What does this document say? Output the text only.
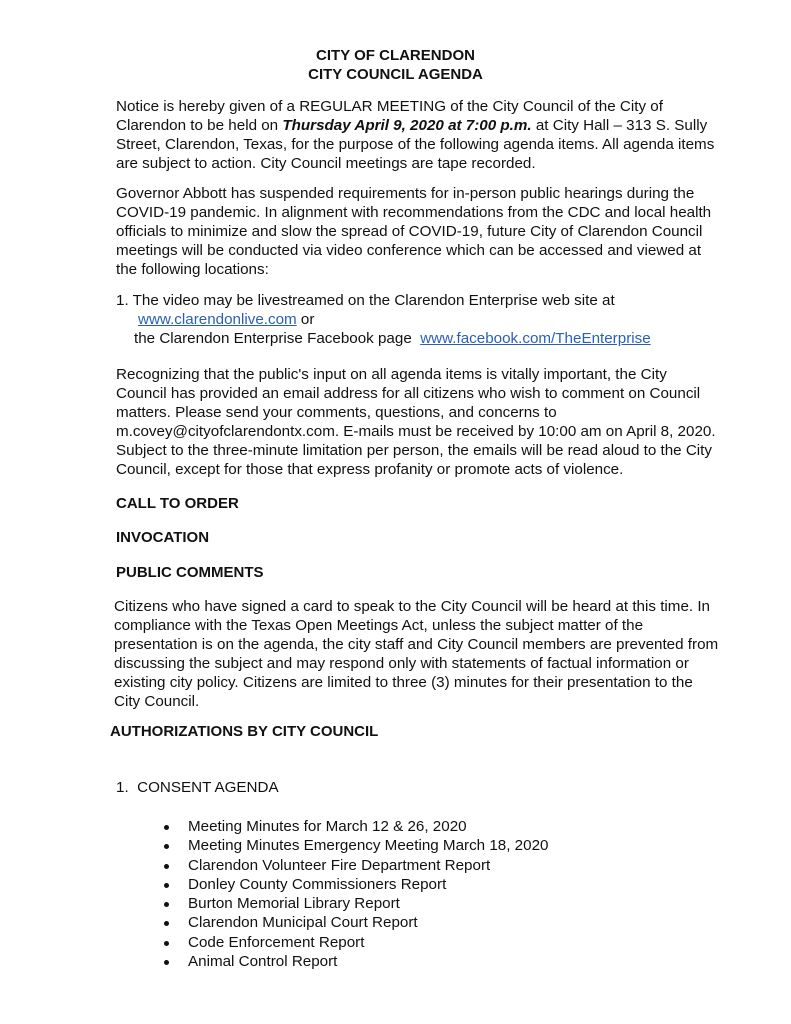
CITY OF CLARENDON
CITY COUNCIL AGENDA

Notice is hereby given of a REGULAR MEETING of the City Council of the City of Clarendon to be held on Thursday April 9, 2020 at 7:00 p.m. at City Hall – 313 S. Sully Street, Clarendon, Texas, for the purpose of the following agenda items. All agenda items are subject to action. City Council meetings are tape recorded.

Governor Abbott has suspended requirements for in-person public hearings during the COVID-19 pandemic. In alignment with recommendations from the CDC and local health officials to minimize and slow the spread of COVID-19, future City of Clarendon Council meetings will be conducted via video conference which can be accessed and viewed at the following locations:

1. The video may be livestreamed on the Clarendon Enterprise web site at
www.clarendonlive.com or
the Clarendon Enterprise Facebook page  www.facebook.com/TheEnterprise

Recognizing that the public's input on all agenda items is vitally important, the City Council has provided an email address for all citizens who wish to comment on Council matters. Please send your comments, questions, and concerns to m.covey@cityofclarendontx.com. E-mails must be received by 10:00 am on April 8, 2020. Subject to the three-minute limitation per person, the emails will be read aloud to the City Council, except for those that express profanity or promote acts of violence.

CALL TO ORDER
INVOCATION
PUBLIC COMMENTS

Citizens who have signed a card to speak to the City Council will be heard at this time. In compliance with the Texas Open Meetings Act, unless the subject matter of the presentation is on the agenda, the city staff and City Council members are prevented from discussing the subject and may respond only with statements of factual information or existing city policy. Citizens are limited to three (3) minutes for their presentation to the City Council.

AUTHORIZATIONS BY CITY COUNCIL
1. CONSENT AGENDA
Meeting Minutes for March 12 & 26, 2020
Meeting Minutes Emergency Meeting March 18, 2020
Clarendon Volunteer Fire Department Report
Donley County Commissioners Report
Burton Memorial Library Report
Clarendon Municipal Court Report
Code Enforcement Report
Animal Control Report
